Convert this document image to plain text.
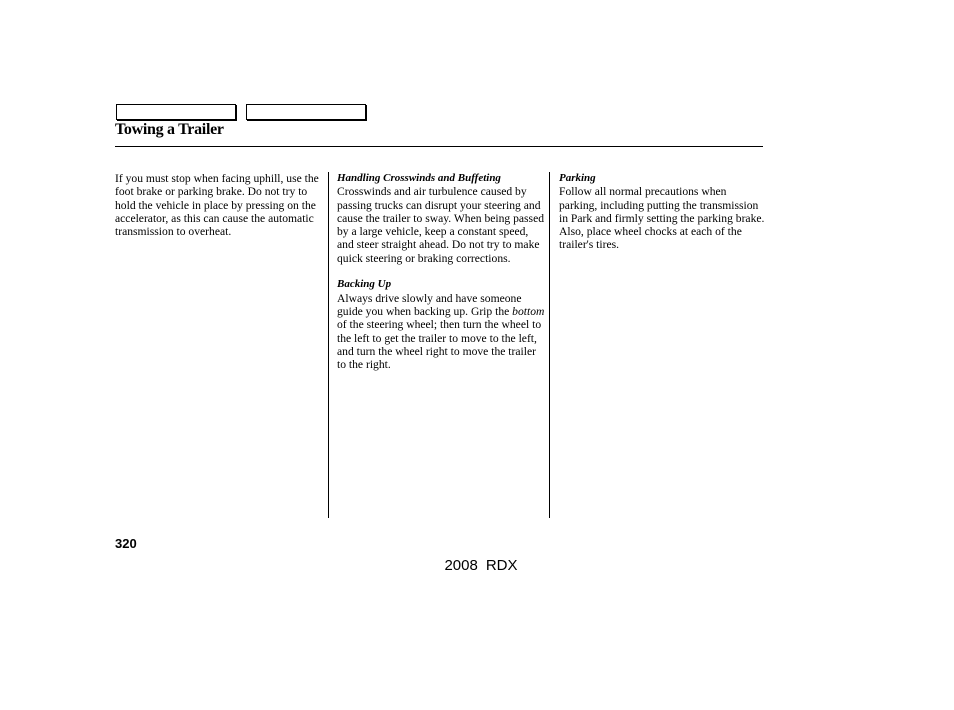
Towing a Trailer

If you must stop when facing uphill, use the foot brake or parking brake. Do not try to hold the vehicle in place by pressing on the accelerator, as this can cause the automatic transmission to overheat.

Handling Crosswinds and Buffeting

Crosswinds and air turbulence caused by passing trucks can disrupt your steering and cause the trailer to sway. When being passed by a large vehicle, keep a constant speed, and steer straight ahead. Do not try to make quick steering or braking corrections.

Backing Up

Always drive slowly and have someone guide you when backing up. Grip the bottom of the steering wheel; then turn the wheel to the left to get the trailer to move to the left, and turn the wheel right to move the trailer to the right.

Parking

Follow all normal precautions when parking, including putting the transmission in Park and firmly setting the parking brake. Also, place wheel chocks at each of the trailer's tires.

320
2008 RDX
